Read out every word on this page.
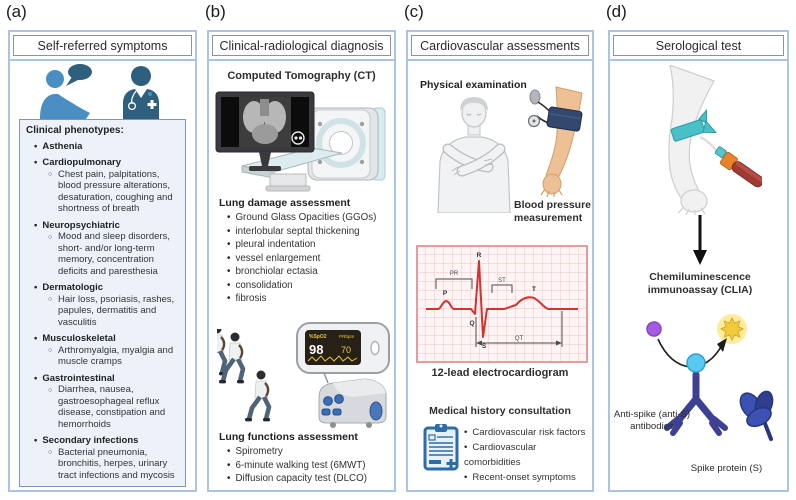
(a)	(b)	(c)	(d)
Self-referred symptoms
Clinical phenotypes:
• Asthenia
• Cardiopulmonary
○ Chest pain, palpitations, blood pressure alterations, desaturation, coughing and shortness of breath
• Neuropsychiatric
○ Mood and sleep disorders, short- and/or long-term memory, concentration deficits and paresthesia
• Dermatologic
○ Hair loss, psoriasis, rashes, papules, dermatitis and vasculitis
• Musculoskeletal
○ Arthromyalgia, myalgia and muscle cramps
• Gastrointestinal
○ Diarrhea, nausea, gastroesophageal reflux disease, constipation and hemorrhoids
• Secondary infections
○ Bacterial pneumonia, bronchitis, herpes, urinary tract infections and mycosis
Clinical-radiological diagnosis
Computed Tomography (CT)
Lung damage assessment
• Ground Glass Opacities (GGOs)
• interlobular septal thickening
• pleural indentation
• vessel enlargement
• bronchiolar ectasia
• consolidation
• fibrosis
%SpO2	PRbpm
98 70
Lung functions assessment
• Spirometry
• 6-minute walking test (6MWT)
• Diffusion capacity test (DLCO)
Cardiovascular assessments
Physical examination
Blood pressure measurement
R
P
Q
S
T
PR
ST
QT
12-lead electrocardiogram
Medical history consultation
• Cardiovascular risk factors
• Cardiovascular comorbidities
• Recent-onset symptoms
Serological test
Chemiluminescence immunoassay (CLIA)
Anti-spike (anti-S) antibodies
Spike protein (S)
